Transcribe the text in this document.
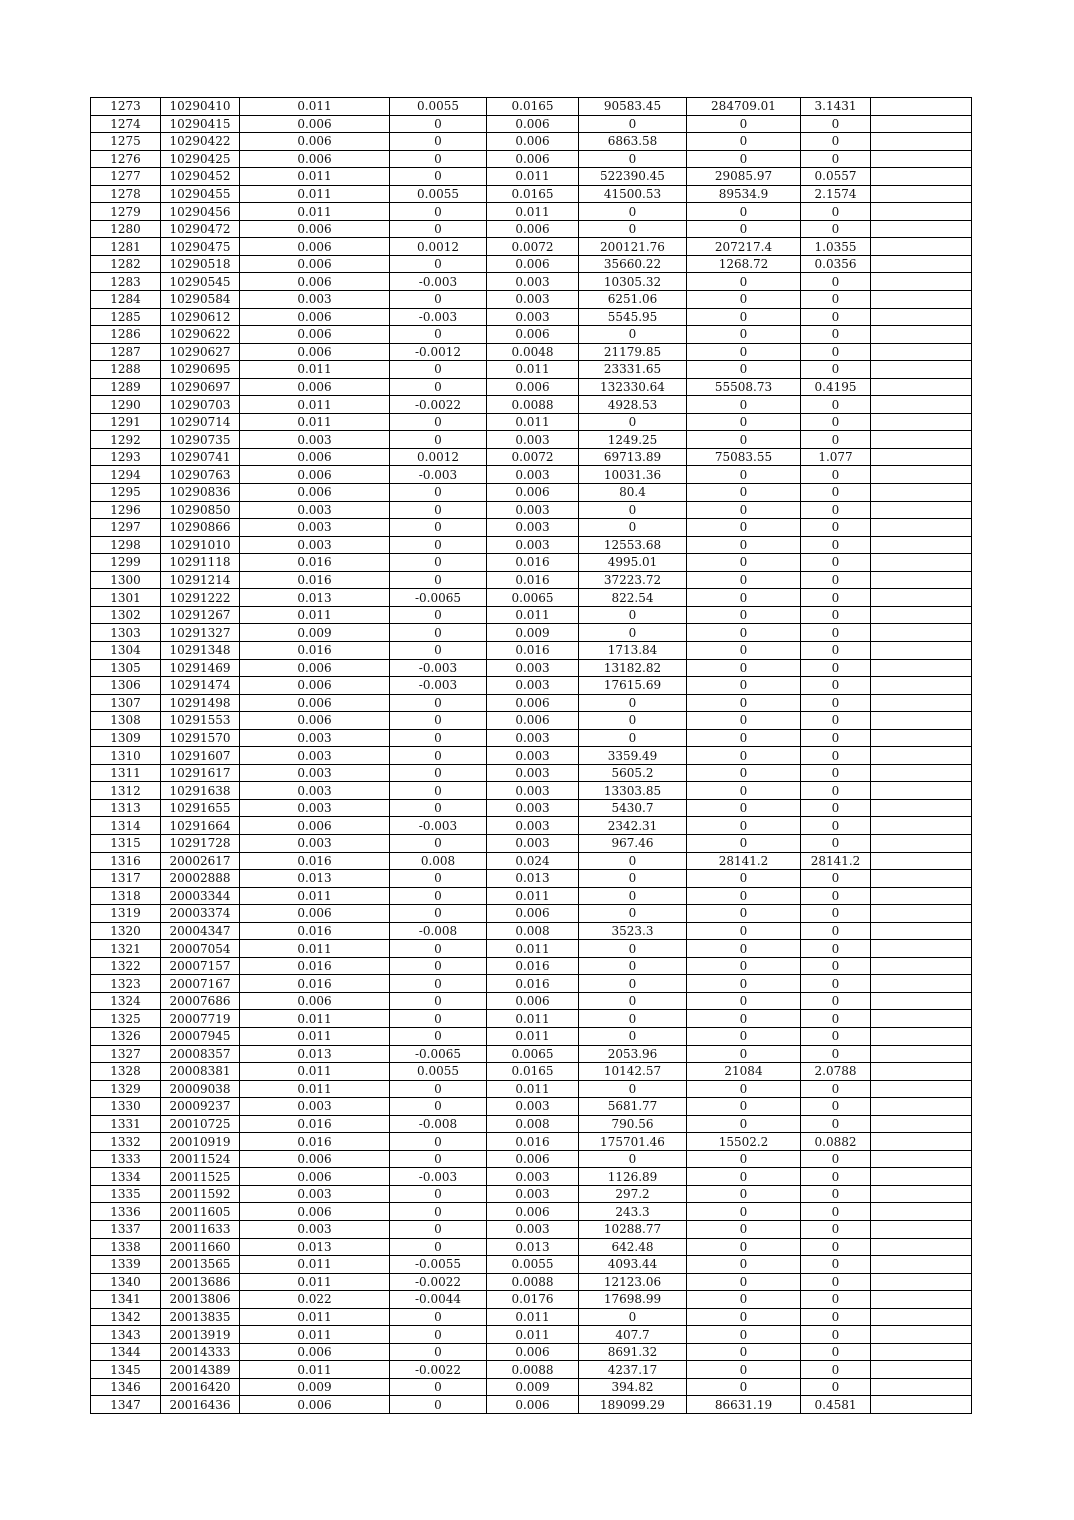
1273	10290410	0.011	0.0055	0.0165	90583.45	284709.01	3.1431	
1274	10290415	0.006	0	0.006	0	0	0	
1275	10290422	0.006	0	0.006	6863.58	0	0	
1276	10290425	0.006	0	0.006	0	0	0	
1277	10290452	0.011	0	0.011	522390.45	29085.97	0.0557	
1278	10290455	0.011	0.0055	0.0165	41500.53	89534.9	2.1574	
1279	10290456	0.011	0	0.011	0	0	0	
1280	10290472	0.006	0	0.006	0	0	0	
1281	10290475	0.006	0.0012	0.0072	200121.76	207217.4	1.0355	
1282	10290518	0.006	0	0.006	35660.22	1268.72	0.0356	
1283	10290545	0.006	-0.003	0.003	10305.32	0	0	
1284	10290584	0.003	0	0.003	6251.06	0	0	
1285	10290612	0.006	-0.003	0.003	5545.95	0	0	
1286	10290622	0.006	0	0.006	0	0	0	
1287	10290627	0.006	-0.0012	0.0048	21179.85	0	0	
1288	10290695	0.011	0	0.011	23331.65	0	0	
1289	10290697	0.006	0	0.006	132330.64	55508.73	0.4195	
1290	10290703	0.011	-0.0022	0.0088	4928.53	0	0	
1291	10290714	0.011	0	0.011	0	0	0	
1292	10290735	0.003	0	0.003	1249.25	0	0	
1293	10290741	0.006	0.0012	0.0072	69713.89	75083.55	1.077	
1294	10290763	0.006	-0.003	0.003	10031.36	0	0	
1295	10290836	0.006	0	0.006	80.4	0	0	
1296	10290850	0.003	0	0.003	0	0	0	
1297	10290866	0.003	0	0.003	0	0	0	
1298	10291010	0.003	0	0.003	12553.68	0	0	
1299	10291118	0.016	0	0.016	4995.01	0	0	
1300	10291214	0.016	0	0.016	37223.72	0	0	
1301	10291222	0.013	-0.0065	0.0065	822.54	0	0	
1302	10291267	0.011	0	0.011	0	0	0	
1303	10291327	0.009	0	0.009	0	0	0	
1304	10291348	0.016	0	0.016	1713.84	0	0	
1305	10291469	0.006	-0.003	0.003	13182.82	0	0	
1306	10291474	0.006	-0.003	0.003	17615.69	0	0	
1307	10291498	0.006	0	0.006	0	0	0	
1308	10291553	0.006	0	0.006	0	0	0	
1309	10291570	0.003	0	0.003	0	0	0	
1310	10291607	0.003	0	0.003	3359.49	0	0	
1311	10291617	0.003	0	0.003	5605.2	0	0	
1312	10291638	0.003	0	0.003	13303.85	0	0	
1313	10291655	0.003	0	0.003	5430.7	0	0	
1314	10291664	0.006	-0.003	0.003	2342.31	0	0	
1315	10291728	0.003	0	0.003	967.46	0	0	
1316	20002617	0.016	0.008	0.024	0	28141.2	28141.2	
1317	20002888	0.013	0	0.013	0	0	0	
1318	20003344	0.011	0	0.011	0	0	0	
1319	20003374	0.006	0	0.006	0	0	0	
1320	20004347	0.016	-0.008	0.008	3523.3	0	0	
1321	20007054	0.011	0	0.011	0	0	0	
1322	20007157	0.016	0	0.016	0	0	0	
1323	20007167	0.016	0	0.016	0	0	0	
1324	20007686	0.006	0	0.006	0	0	0	
1325	20007719	0.011	0	0.011	0	0	0	
1326	20007945	0.011	0	0.011	0	0	0	
1327	20008357	0.013	-0.0065	0.0065	2053.96	0	0	
1328	20008381	0.011	0.0055	0.0165	10142.57	21084	2.0788	
1329	20009038	0.011	0	0.011	0	0	0	
1330	20009237	0.003	0	0.003	5681.77	0	0	
1331	20010725	0.016	-0.008	0.008	790.56	0	0	
1332	20010919	0.016	0	0.016	175701.46	15502.2	0.0882	
1333	20011524	0.006	0	0.006	0	0	0	
1334	20011525	0.006	-0.003	0.003	1126.89	0	0	
1335	20011592	0.003	0	0.003	297.2	0	0	
1336	20011605	0.006	0	0.006	243.3	0	0	
1337	20011633	0.003	0	0.003	10288.77	0	0	
1338	20011660	0.013	0	0.013	642.48	0	0	
1339	20013565	0.011	-0.0055	0.0055	4093.44	0	0	
1340	20013686	0.011	-0.0022	0.0088	12123.06	0	0	
1341	20013806	0.022	-0.0044	0.0176	17698.99	0	0	
1342	20013835	0.011	0	0.011	0	0	0	
1343	20013919	0.011	0	0.011	407.7	0	0	
1344	20014333	0.006	0	0.006	8691.32	0	0	
1345	20014389	0.011	-0.0022	0.0088	4237.17	0	0	
1346	20016420	0.009	0	0.009	394.82	0	0	
1347	20016436	0.006	0	0.006	189099.29	86631.19	0.4581	
